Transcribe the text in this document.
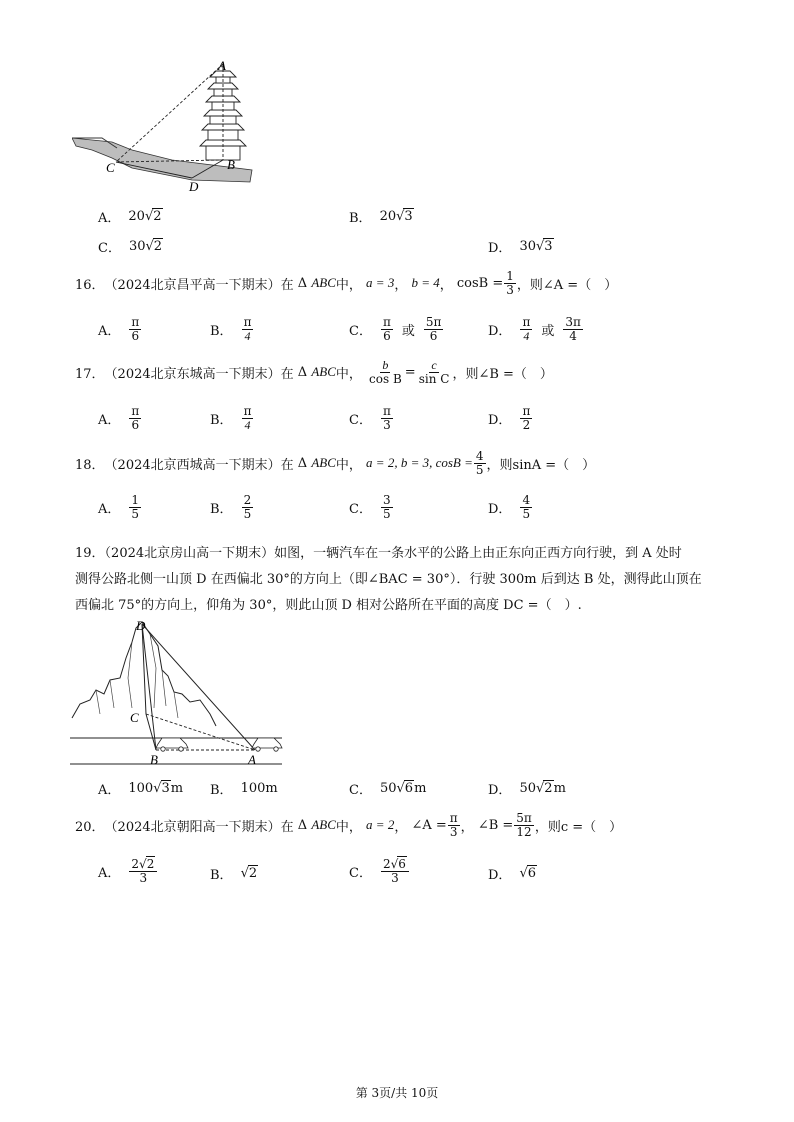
A
B
C
D
A． 20√2	B． 20√3
C． 30√2	D． 30√3
16． （2024北京昌平高一下期末） 在
Δ
ABC 中，
a = 3 ， b = 4 ， $\cos B = \frac{1}{3}$ ，则∠A =（　）
A． $\frac{\pi}{6}$	B． $\frac{\pi}{4}$	C． $\frac{\pi}{6}$ 或 $\frac{5\pi}{6}$	D． $\frac{\pi}{4}$ 或 $\frac{3\pi}{4}$
17． （2024北京东城高一下期末） 在
Δ
ABC 中，
$\frac{b}{\text{cos B}} = \frac{c}{\text{sin C}}$ ，则∠B =（　）
A． $\frac{\pi}{6}$	B． $\frac{\pi}{4}$	C． $\frac{\pi}{3}$	D． $\frac{\pi}{2}$
18． （2024北京西城高一下期末） 在
Δ
ABC 中，
a = 2, b = 3, $\cos B = \frac{4}{5}$ ，则sinA =（　）
A． $\frac{1}{5}$	B． $\frac{2}{5}$	C． $\frac{3}{5}$	D． $\frac{4}{5}$
19．（2024北京房山高一下期末）如图，一辆汽车在一条水平的公路上由正东向正西方向行驶，到 A 处时
测得公路北侧一山顶 D 在西偏北 30°的方向上（即∠BAC = 30°）．行驶 300m 后到达 B 处，测得此山顶在
西偏北 75°的方向上，仰角为 30°，则此山顶 D 相对公路所在平面的高度 DC =（　）.
D
C
B	A
A． 100√3m B． 100m	C． 50√6m	D． 50√2m
20． （2024北京朝阳高一下期末） 在
Δ
ABC 中，
a = 2 ， ∠A = $\frac{\pi}{3}$ ， ∠B = $\frac{5\pi}{12}$ ，则c =（　）
A． $\frac{2√2}{3}$	B． √2	C． $\frac{2√6}{3}$	D． √6
第 3页/共 10页
